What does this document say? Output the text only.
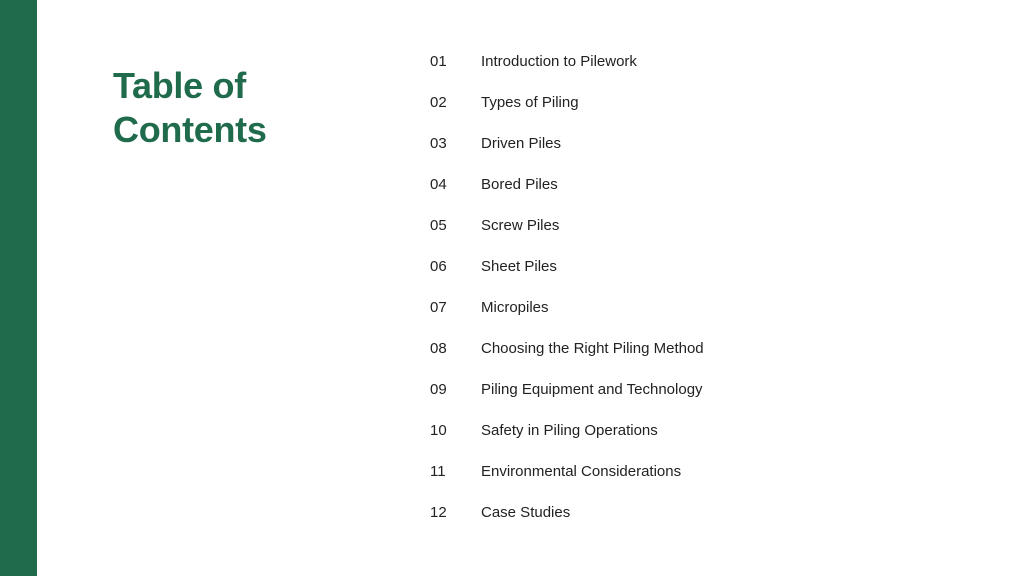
Table of Contents
01	Introduction to Pilework
02	Types of Piling
03	Driven Piles
04	Bored Piles
05	Screw Piles
06	Sheet Piles
07	Micropiles
08	Choosing the Right Piling Method
09	Piling Equipment and Technology
10	Safety in Piling Operations
11	Environmental Considerations
12	Case Studies
